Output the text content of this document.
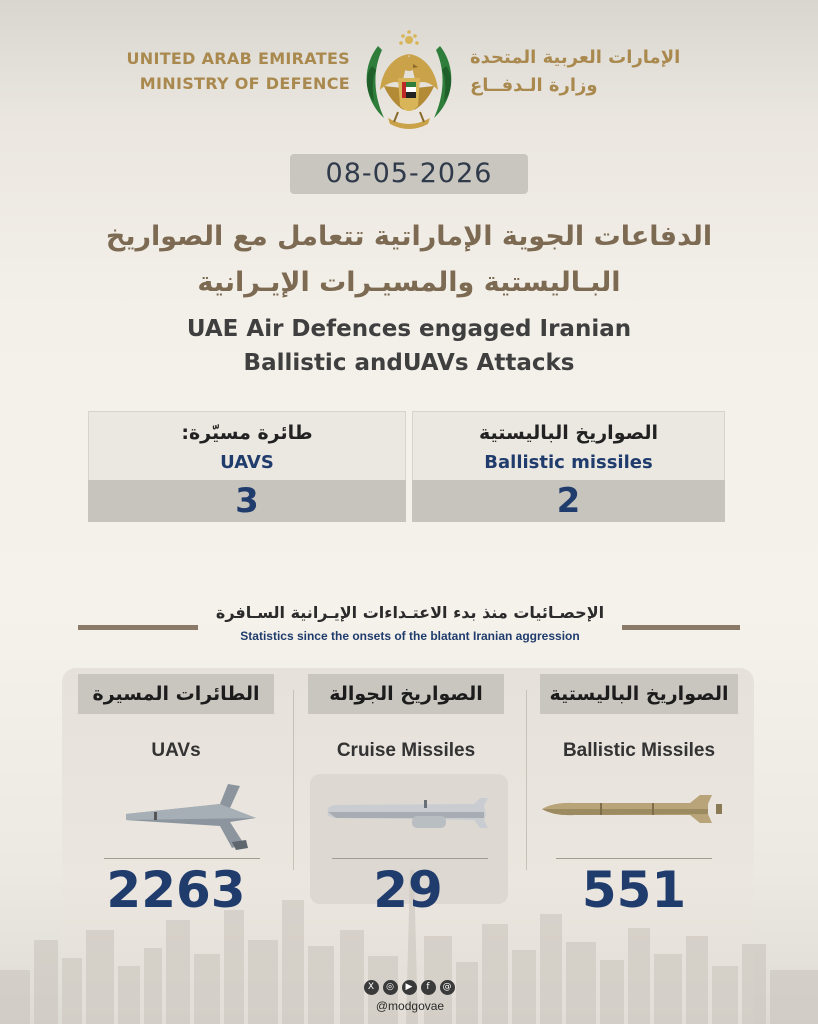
UNITED ARAB EMIRATES
MINISTRY OF DEFENCE
الإمارات العربية المتحدة
وزارة الـدفــاع
08-05-2026
الدفاعات الجوية الإماراتية تتعامل مع الصواريخ
البـاليستية والمسيـرات الإيـرانية
UAE Air Defences engaged Iranian
Ballistic andUAVs Attacks
طائرة مسيّرة:
UAVS
3
الصواريخ الباليستية
Ballistic missiles
2
الإحصـائيات منذ بدء الاعتـداءات الإيـرانية السـافرة
Statistics since the onsets of the blatant Iranian aggression
الطائرات المسيرة
UAVs
2263
الصواريخ الجوالة
Cruise Missiles
29
الصواريخ الباليستية
Ballistic Missiles
551
X	◎	▶	f	@
@modgovae
